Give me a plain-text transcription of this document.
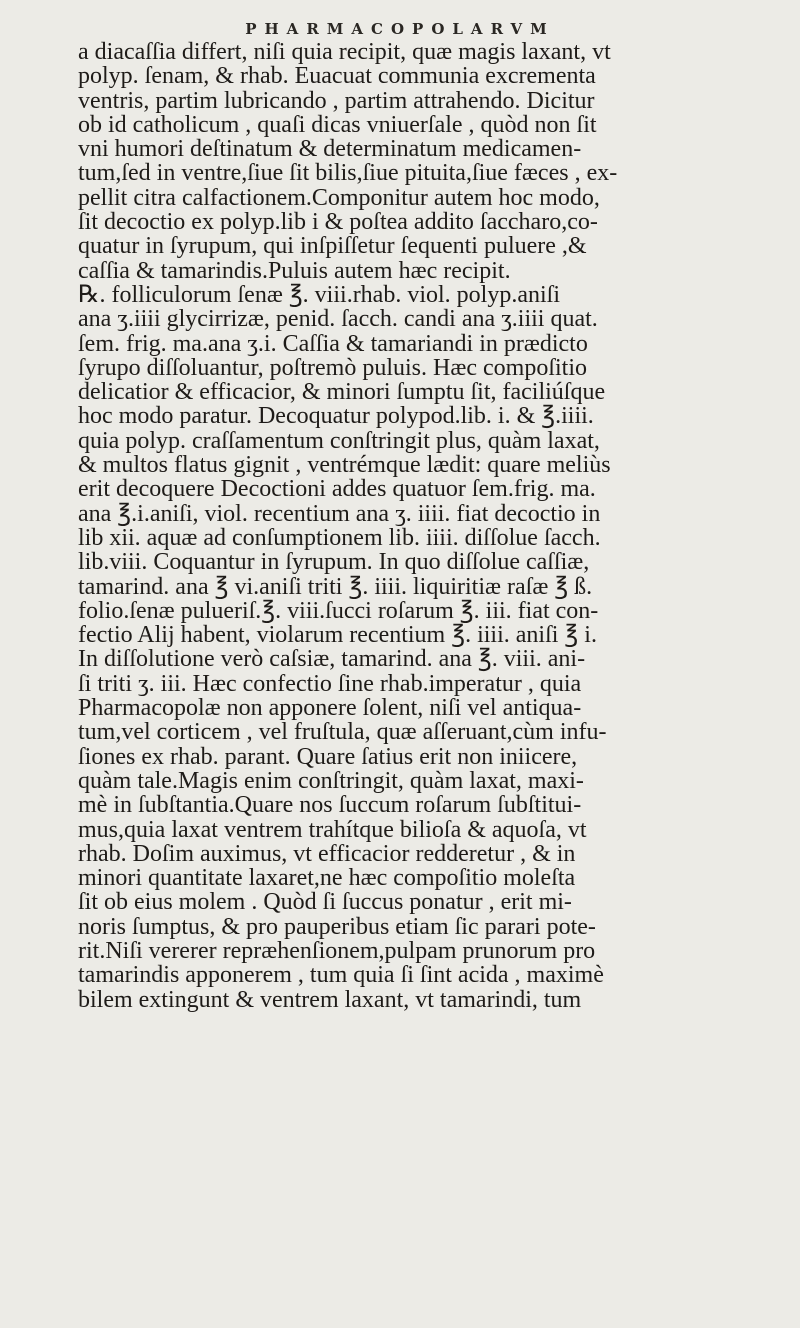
PHARMACOPOLARVM
a diacaſſia differt, niſi quia recipit, quæ magis laxant, vt
polyp. ſenam, & rhab. Euacuat communia excrementa
ventris, partim lubricando , partim attrahendo. Dicitur
ob id catholicum , quaſi dicas vniuerſale , quòd non ſit
vni humori deſtinatum & determinatum medicamen-
tum,ſed in ventre,ſiue ſit bilis,ſiue pituita,ſiue fæces , ex-
pellit citra calfactionem.Componitur autem hoc modo,
ſit decoctio ex polyp.lib i & poſtea addito ſaccharo,co-
quatur in ſyrupum, qui inſpiſſetur ſequenti puluere ,&
caſſia & tamarindis.Puluis autem hæc recipit.
℞. folliculorum ſenæ ℥. viii.rhab. viol. polyp.aniſi
ana ʒ.iiii glycirrizæ, penid. ſacch. candi ana ʒ.iiii quat.
ſem. frig. ma.ana ʒ.i. Caſſia & tamariandi in prædicto
ſyrupo diſſoluantur, poſtremò puluis. Hæc compoſitio
delicatior & efficacior, & minori ſumptu ſit, faciliúſque
hoc modo paratur. Decoquatur polypod.lib. i. & ℥.iiii.
quia polyp. craſſamentum conſtringit plus, quàm laxat,
& multos flatus gignit , ventrémque lædit: quare meliùs
erit decoquere Decoctioni addes quatuor ſem.frig. ma.
ana ℥.i.aniſi, viol. recentium ana ʒ. iiii. fiat decoctio in
lib xii. aquæ ad conſumptionem lib. iiii. diſſolue ſacch.
lib.viii. Coquantur in ſyrupum. In quo diſſolue caſſiæ,
tamarind. ana ℥ vi.aniſi triti ℥. iiii. liquiritiæ raſæ ℥ ß.
folio.ſenæ pulueriſ.℥. viii.ſucci roſarum ℥. iii. fiat con-
fectio Alij habent, violarum recentium ℥. iiii. aniſi ℥ i.
In diſſolutione verò caſsiæ, tamarind. ana ℥. viii. ani-
ſi triti ʒ. iii. Hæc confectio ſine rhab.imperatur , quia
Pharmacopolæ non apponere ſolent, niſi vel antiqua-
tum,vel corticem , vel fruſtula, quæ aſſeruant,cùm infu-
ſiones ex rhab. parant. Quare ſatius erit non iniicere,
quàm tale.Magis enim conſtringit, quàm laxat, maxi-
mè in ſubſtantia.Quare nos ſuccum roſarum ſubſtitui-
mus,quia laxat ventrem trahítque bilioſa & aquoſa, vt
rhab. Doſim auximus, vt efficacior redderetur , & in
minori quantitate laxaret,ne hæc compoſitio moleſta
ſit ob eius molem . Quòd ſi ſuccus ponatur , erit mi-
noris ſumptus, & pro pauperibus etiam ſic parari pote-
rit.Niſi vererer repræhenſionem,pulpam prunorum pro
tamarindis apponerem , tum quia ſi ſint acida , maximè
bilem extingunt & ventrem laxant, vt tamarindi, tum
